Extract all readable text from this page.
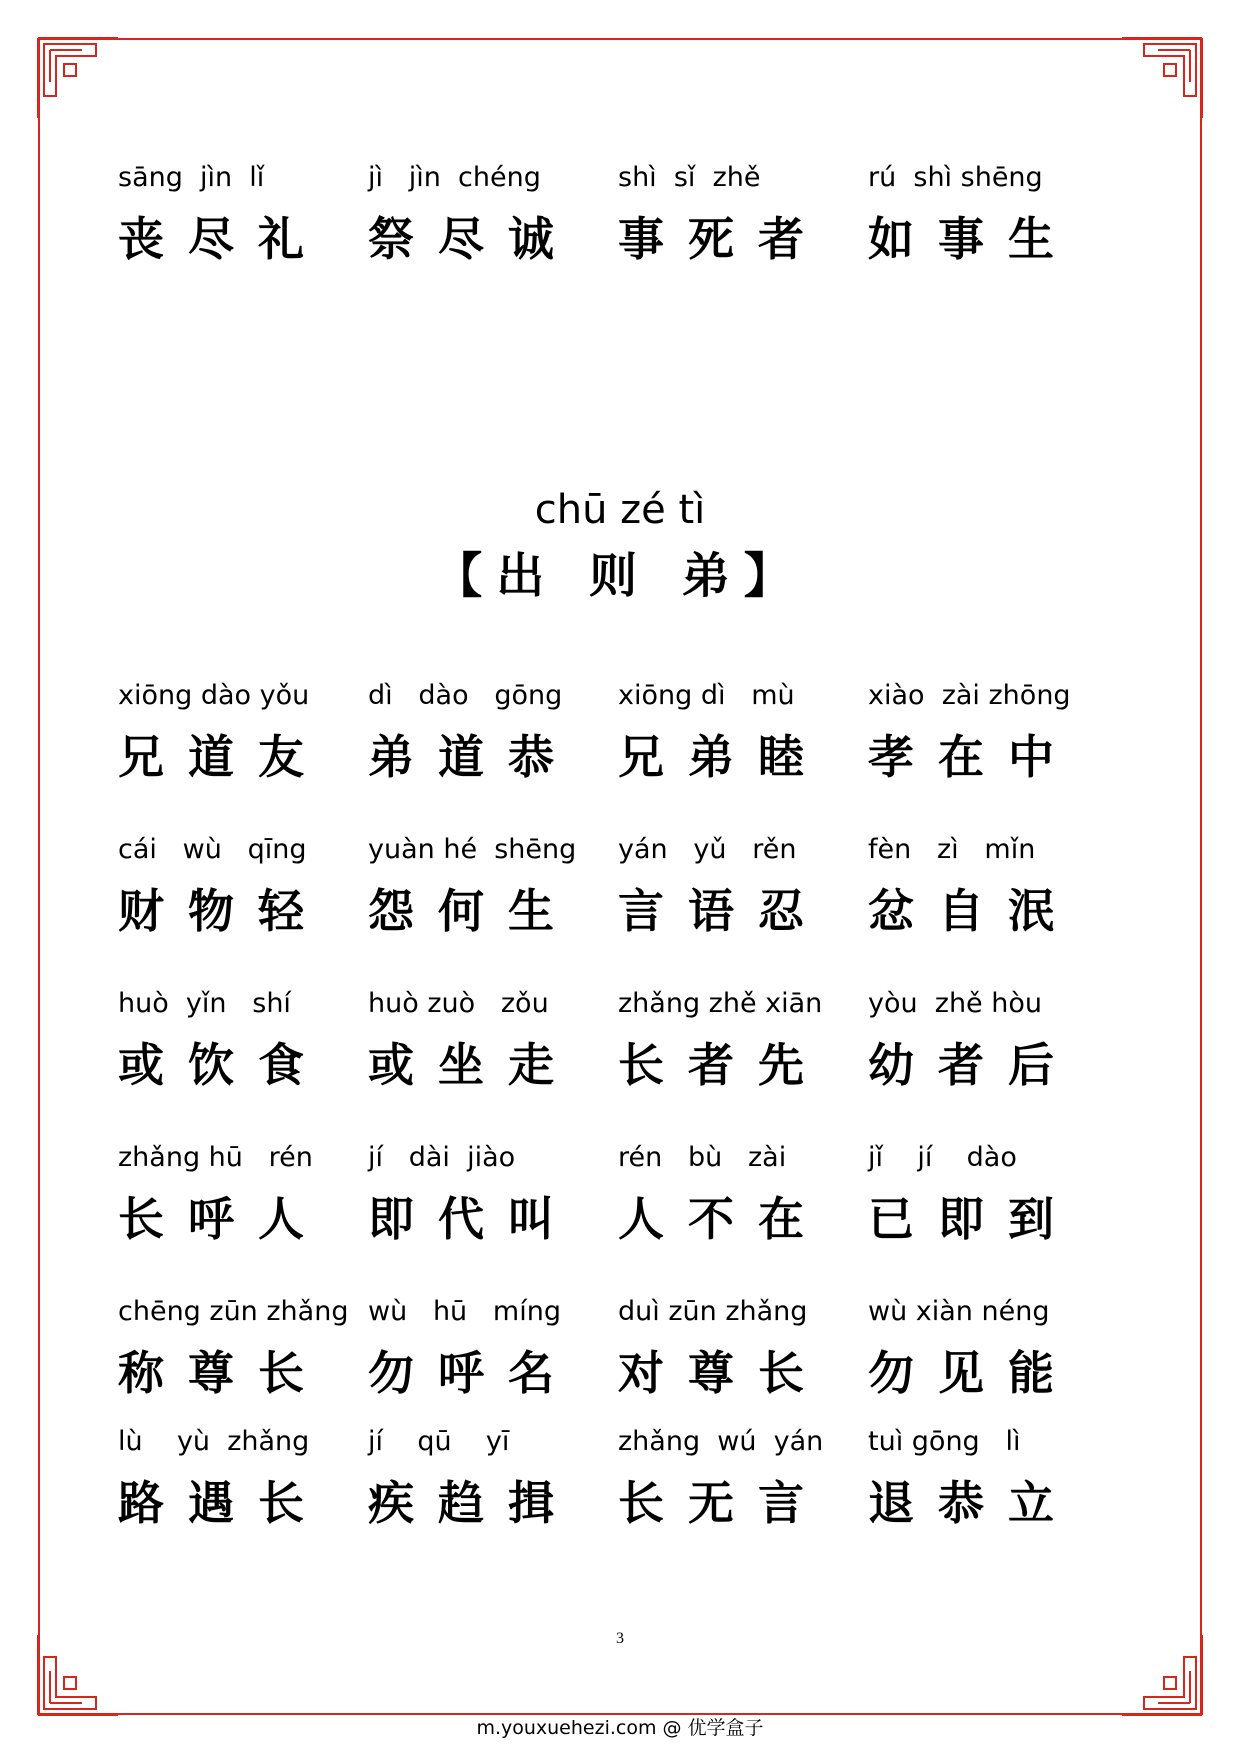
chū zé tì
【出 则 弟】
sāng  jìn  lǐ
丧 尽 礼
jì   jìn  chéng
祭 尽 诚
shì  sǐ  zhě
事 死 者
rú  shì shēng
如 事 生
xiōng dào yǒu
兄 道 友
dì   dào   gōng
弟 道 恭
xiōng dì   mù
兄 弟 睦
xiào  zài zhōng
孝 在 中
cái   wù   qīng
财 物 轻
yuàn hé  shēng
怨 何 生
yán   yǔ   rěn
言 语 忍
fèn   zì   mǐn
忿 自 泯
huò  yǐn   shí
或 饮 食
huò zuò   zǒu
或 坐 走
zhǎng zhě xiān
长 者 先
yòu  zhě hòu
幼 者 后
zhǎng hū   rén
长 呼 人
jí   dài  jiào
即 代 叫
rén   bù   zài
人 不 在
jǐ    jí    dào
已 即 到
chēng zūn zhǎng
称 尊 长
wù   hū   míng
勿 呼 名
duì zūn zhǎng
对 尊 长
wù xiàn néng
勿 见 能
lù    yù  zhǎng
路 遇 长
jí    qū    yī
疾 趋 揖
zhǎng  wú  yán
长 无 言
tuì gōng   lì
退 恭 立
3
m.youxuehezi.com @ 优学盒子
